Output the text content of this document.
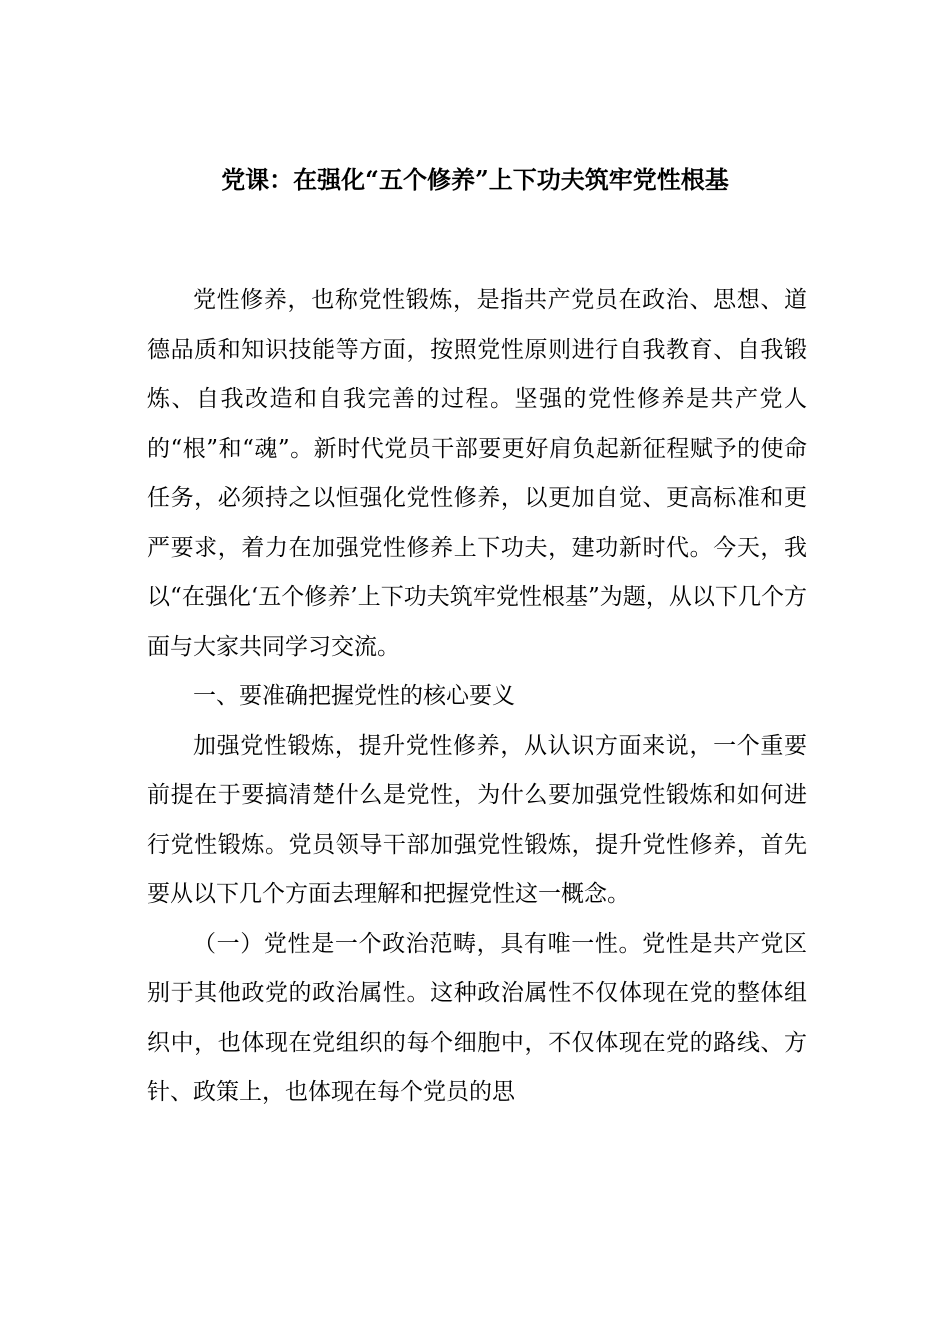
党课：在强化“五个修养”上下功夫筑牢党性根基

党性修养，也称党性锻炼，是指共产党员在政治、思想、道德品质和知识技能等方面，按照党性原则进行自我教育、自我锻炼、自我改造和自我完善的过程。坚强的党性修养是共产党人的“根”和“魂”。新时代党员干部要更好肩负起新征程赋予的使命任务，必须持之以恒强化党性修养，以更加自觉、更高标准和更严要求，着力在加强党性修养上下功夫，建功新时代。今天，我以“在强化‘五个修养’上下功夫筑牢党性根基”为题，从以下几个方面与大家共同学习交流。

一、要准确把握党性的核心要义

加强党性锻炼，提升党性修养，从认识方面来说，一个重要前提在于要搞清楚什么是党性，为什么要加强党性锻炼和如何进行党性锻炼。党员领导干部加强党性锻炼，提升党性修养，首先要从以下几个方面去理解和把握党性这一概念。

（一）党性是一个政治范畴，具有唯一性。党性是共产党区别于其他政党的政治属性。这种政治属性不仅体现在党的整体组织中，也体现在党组织的每个细胞中，不仅体现在党的路线、方针、政策上，也体现在每个党员的思
